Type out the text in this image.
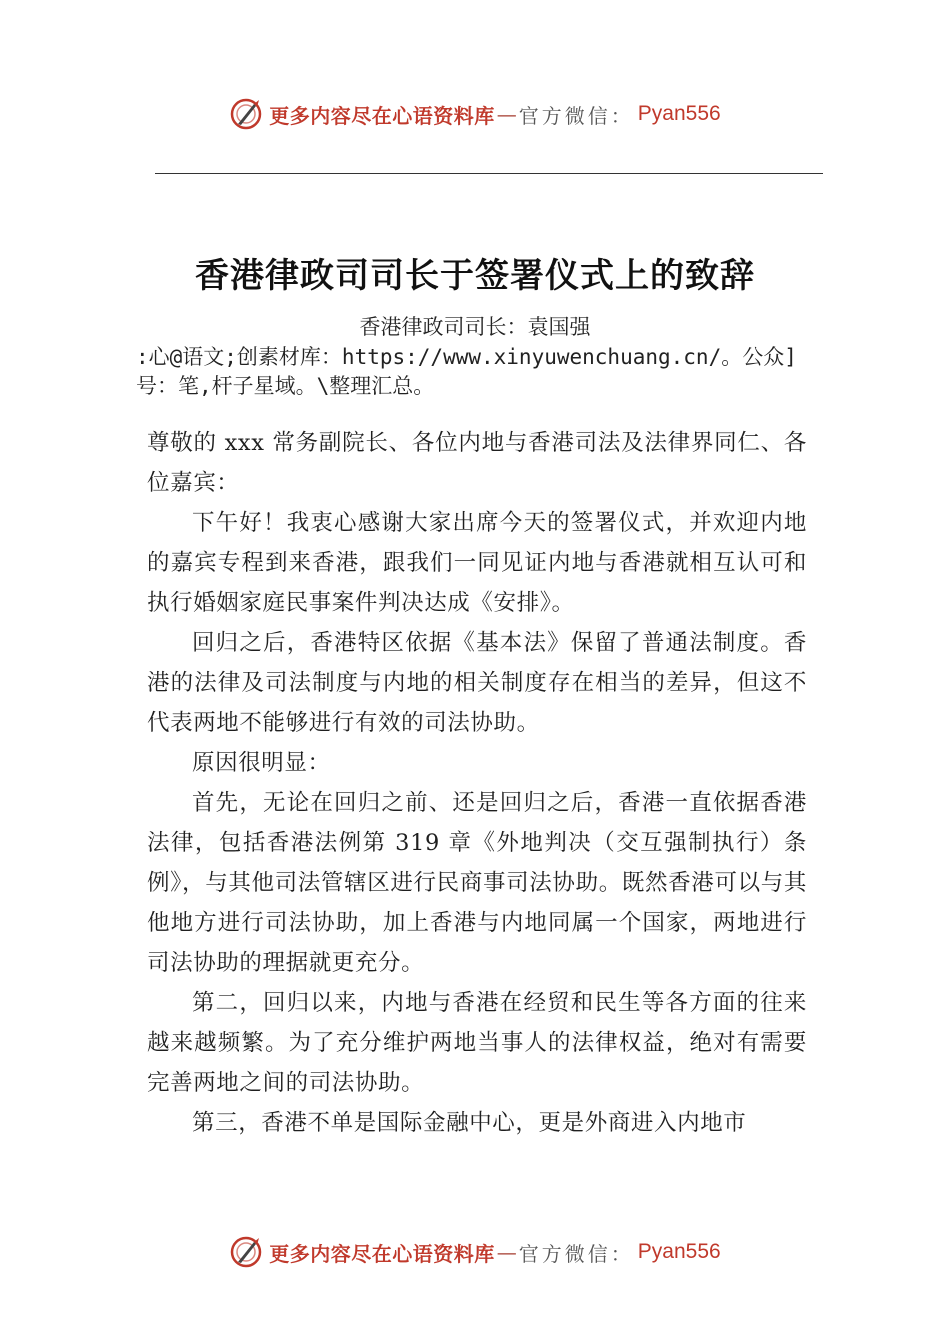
更多内容尽在心语资料库 — 官方微信： Pyan556
香港律政司司长于签署仪式上的致辞
香港律政司司长：袁国强
:心@语文;创素材库：https://www.xinyuwenchuang.cn/。公众]号：笔,杆子星域。\整理汇总。

尊敬的 xxx 常务副院长、各位内地与香港司法及法律界同仁、各位嘉宾：

下午好！我衷心感谢大家出席今天的签署仪式，并欢迎内地的嘉宾专程到来香港，跟我们一同见证内地与香港就相互认可和执行婚姻家庭民事案件判决达成《安排》。

回归之后，香港特区依据《基本法》保留了普通法制度。香港的法律及司法制度与内地的相关制度存在相当的差异，但这不代表两地不能够进行有效的司法协助。

原因很明显：

首先，无论在回归之前、还是回归之后，香港一直依据香港法律，包括香港法例第 319 章《外地判决（交互强制执行）条例》，与其他司法管辖区进行民商事司法协助。既然香港可以与其他地方进行司法协助，加上香港与内地同属一个国家，两地进行司法协助的理据就更充分。

第二，回归以来，内地与香港在经贸和民生等各方面的往来越来越频繁。为了充分维护两地当事人的法律权益，绝对有需要完善两地之间的司法协助。

第三，香港不单是国际金融中心，更是外商进入内地市

更多内容尽在心语资料库 — 官方微信： Pyan556
